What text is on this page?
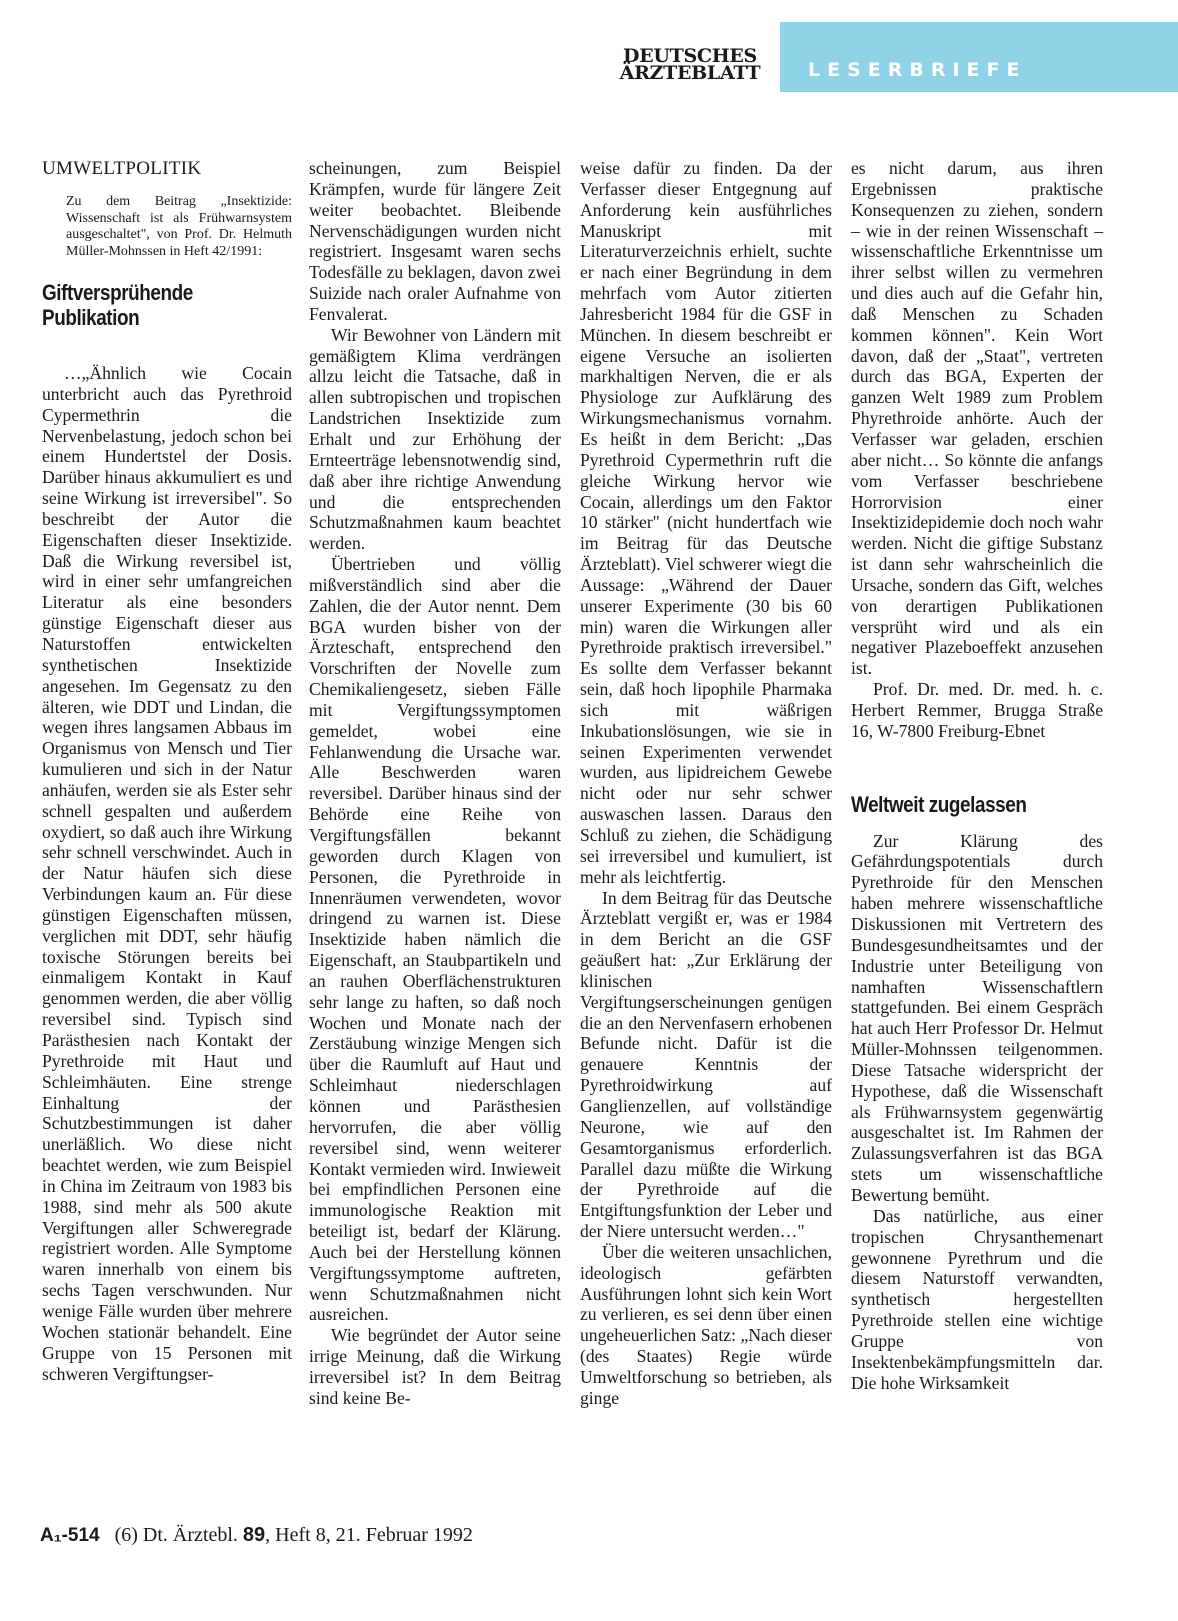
DEUTSCHES
ÄRZTEBLATT	LESERBRIEFE
UMWELTPOLITIK

Zu dem Beitrag „Insektizide: Wissenschaft ist als Frühwarnsystem ausgeschaltet", von Prof. Dr. Helmuth Müller-Mohnssen in Heft 42/1991:

Giftversprühende Publikation

…„Ähnlich wie Cocain unterbricht auch das Pyrethroid Cypermethrin die Nervenbelastung, jedoch schon bei einem Hundertstel der Dosis. Darüber hinaus akkumuliert es und seine Wirkung ist irreversibel". So beschreibt der Autor die Eigenschaften dieser Insektizide. Daß die Wirkung reversibel ist, wird in einer sehr umfangreichen Literatur als eine besonders günstige Eigenschaft dieser aus Naturstoffen entwickelten synthetischen Insektizide angesehen. Im Gegensatz zu den älteren, wie DDT und Lindan, die wegen ihres langsamen Abbaus im Organismus von Mensch und Tier kumulieren und sich in der Natur anhäufen, werden sie als Ester sehr schnell gespalten und außerdem oxydiert, so daß auch ihre Wirkung sehr schnell verschwindet. Auch in der Natur häufen sich diese Verbindungen kaum an. Für diese günstigen Eigenschaften müssen, verglichen mit DDT, sehr häufig toxische Störungen bereits bei einmaligem Kontakt in Kauf genommen werden, die aber völlig reversibel sind. Typisch sind Parästhesien nach Kontakt der Pyrethroide mit Haut und Schleimhäuten. Eine strenge Einhaltung der Schutzbestimmungen ist daher unerläßlich. Wo diese nicht beachtet werden, wie zum Beispiel in China im Zeitraum von 1983 bis 1988, sind mehr als 500 akute Vergiftungen aller Schweregrade registriert worden. Alle Symptome waren innerhalb von einem bis sechs Tagen verschwunden. Nur wenige Fälle wurden über mehrere Wochen stationär behandelt. Eine Gruppe von 15 Personen mit schweren Vergiftungser-

scheinungen, zum Beispiel Krämpfen, wurde für längere Zeit weiter beobachtet. Bleibende Nervenschädigungen wurden nicht registriert. Insgesamt waren sechs Todesfälle zu beklagen, davon zwei Suizide nach oraler Aufnahme von Fenvalerat.

Wir Bewohner von Ländern mit gemäßigtem Klima verdrängen allzu leicht die Tatsache, daß in allen subtropischen und tropischen Landstrichen Insektizide zum Erhalt und zur Erhöhung der Ernteerträge lebensnotwendig sind, daß aber ihre richtige Anwendung und die entsprechenden Schutzmaßnahmen kaum beachtet werden.

Übertrieben und völlig mißverständlich sind aber die Zahlen, die der Autor nennt. Dem BGA wurden bisher von der Ärzteschaft, entsprechend den Vorschriften der Novelle zum Chemikaliengesetz, sieben Fälle mit Vergiftungssymptomen gemeldet, wobei eine Fehlanwendung die Ursache war. Alle Beschwerden waren reversibel. Darüber hinaus sind der Behörde eine Reihe von Vergiftungsfällen bekannt geworden durch Klagen von Personen, die Pyrethroide in Innenräumen verwendeten, wovor dringend zu warnen ist. Diese Insektizide haben nämlich die Eigenschaft, an Staubpartikeln und an rauhen Oberflächenstrukturen sehr lange zu haften, so daß noch Wochen und Monate nach der Zerstäubung winzige Mengen sich über die Raumluft auf Haut und Schleimhaut niederschlagen können und Parästhesien hervorrufen, die aber völlig reversibel sind, wenn weiterer Kontakt vermieden wird. Inwieweit bei empfindlichen Personen eine immunologische Reaktion mit beteiligt ist, bedarf der Klärung. Auch bei der Herstellung können Vergiftungssymptome auftreten, wenn Schutzmaßnahmen nicht ausreichen.

Wie begründet der Autor seine irrige Meinung, daß die Wirkung irreversibel ist? In dem Beitrag sind keine Be-

weise dafür zu finden. Da der Verfasser dieser Entgegnung auf Anforderung kein ausführliches Manuskript mit Literaturverzeichnis erhielt, suchte er nach einer Begründung in dem mehrfach vom Autor zitierten Jahresbericht 1984 für die GSF in München. In diesem beschreibt er eigene Versuche an isolierten markhaltigen Nerven, die er als Physiologe zur Aufklärung des Wirkungsmechanismus vornahm. Es heißt in dem Bericht: „Das Pyrethroid Cypermethrin ruft die gleiche Wirkung hervor wie Cocain, allerdings um den Faktor 10 stärker" (nicht hundertfach wie im Beitrag für das Deutsche Ärzteblatt). Viel schwerer wiegt die Aussage: „Während der Dauer unserer Experimente (30 bis 60 min) waren die Wirkungen aller Pyrethroide praktisch irreversibel." Es sollte dem Verfasser bekannt sein, daß hoch lipophile Pharmaka sich mit wäßrigen Inkubationslösungen, wie sie in seinen Experimenten verwendet wurden, aus lipidreichem Gewebe nicht oder nur sehr schwer auswaschen lassen. Daraus den Schluß zu ziehen, die Schädigung sei irreversibel und kumuliert, ist mehr als leichtfertig.

In dem Beitrag für das Deutsche Ärzteblatt vergißt er, was er 1984 in dem Bericht an die GSF geäußert hat: „Zur Erklärung der klinischen Vergiftungserscheinungen genügen die an den Nervenfasern erhobenen Befunde nicht. Dafür ist die genauere Kenntnis der Pyrethroidwirkung auf Ganglienzellen, auf vollständige Neurone, wie auf den Gesamtorganismus erforderlich. Parallel dazu müßte die Wirkung der Pyrethroide auf die Entgiftungsfunktion der Leber und der Niere untersucht werden…"

Über die weiteren unsachlichen, ideologisch gefärbten Ausführungen lohnt sich kein Wort zu verlieren, es sei denn über einen ungeheuerlichen Satz: „Nach dieser (des Staates) Regie würde Umweltforschung so betrieben, als ginge

es nicht darum, aus ihren Ergebnissen praktische Konsequenzen zu ziehen, sondern – wie in der reinen Wissenschaft – wissenschaftliche Erkenntnisse um ihrer selbst willen zu vermehren und dies auch auf die Gefahr hin, daß Menschen zu Schaden kommen können". Kein Wort davon, daß der „Staat", vertreten durch das BGA, Experten der ganzen Welt 1989 zum Problem Phyrethroide anhörte. Auch der Verfasser war geladen, erschien aber nicht… So könnte die anfangs vom Verfasser beschriebene Horrorvision einer Insektizidepidemie doch noch wahr werden. Nicht die giftige Substanz ist dann sehr wahrscheinlich die Ursache, sondern das Gift, welches von derartigen Publikationen versprüht wird und als ein negativer Plazeboeffekt anzusehen ist.

Prof. Dr. med. Dr. med. h. c. Herbert Remmer, Brugga Straße 16, W-7800 Freiburg-Ebnet

Weltweit zugelassen

Zur Klärung des Gefährdungspotentials durch Pyrethroide für den Menschen haben mehrere wissenschaftliche Diskussionen mit Vertretern des Bundesgesundheitsamtes und der Industrie unter Beteiligung von namhaften Wissenschaftlern stattgefunden. Bei einem Gespräch hat auch Herr Professor Dr. Helmut Müller-Mohnssen teilgenommen. Diese Tatsache widerspricht der Hypothese, daß die Wissenschaft als Frühwarnsystem gegenwärtig ausgeschaltet ist. Im Rahmen der Zulassungsverfahren ist das BGA stets um wissenschaftliche Bewertung bemüht.

Das natürliche, aus einer tropischen Chrysanthemenart gewonnene Pyrethrum und die diesem Naturstoff verwandten, synthetisch hergestellten Pyrethroide stellen eine wichtige Gruppe von Insektenbekämpfungsmitteln dar. Die hohe Wirksamkeit

A₁-514 (6) Dt. Ärztebl. 89, Heft 8, 21. Februar 1992
